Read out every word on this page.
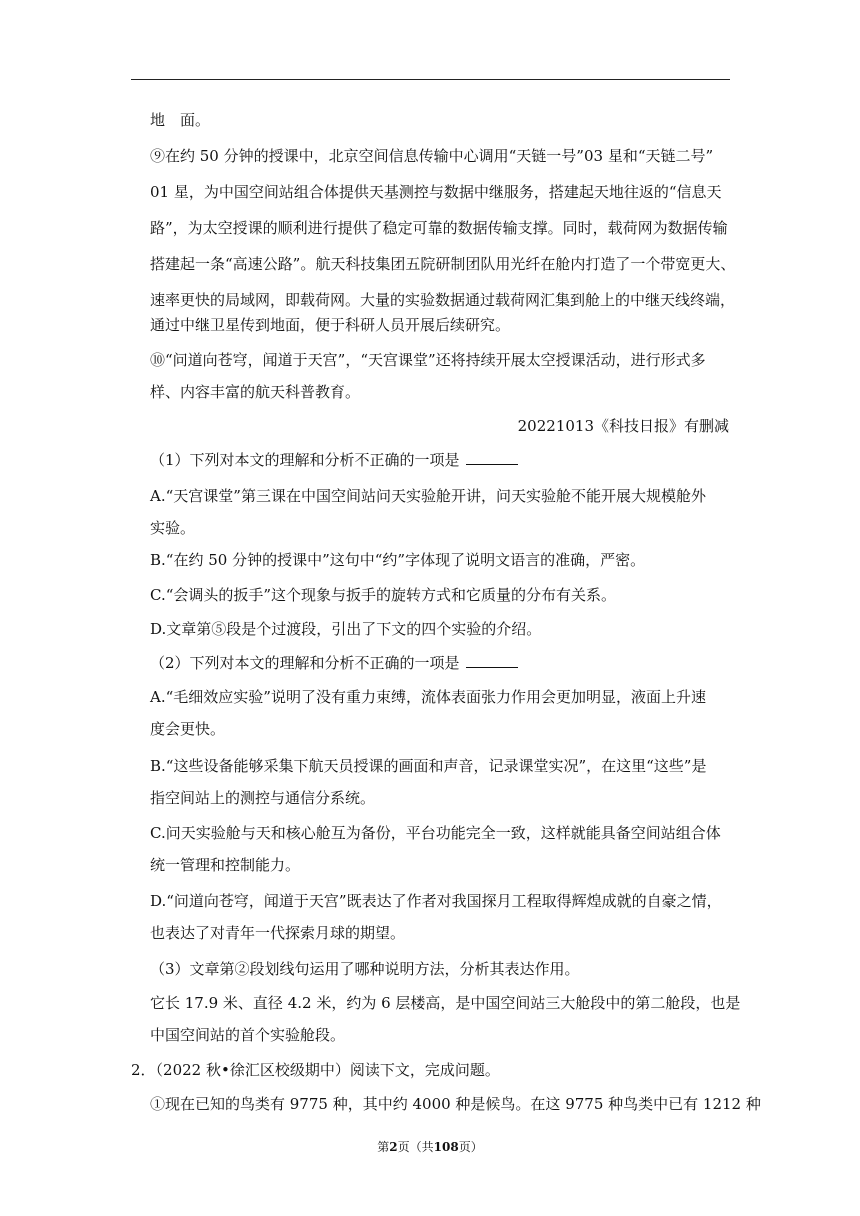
地　面。
⑨在约 50 分钟的授课中，北京空间信息传输中心调用“天链一号”03 星和“天链二号”
01 星，为中国空间站组合体提供天基测控与数据中继服务，搭建起天地往返的“信息天
路”，为太空授课的顺利进行提供了稳定可靠的数据传输支撑。同时，载荷网为数据传输
搭建起一条“高速公路”。航天科技集团五院研制团队用光纤在舱内打造了一个带宽更大、
速率更快的局域网，即载荷网。大量的实验数据通过载荷网汇集到舱上的中继天线终端，
通过中继卫星传到地面，便于科研人员开展后续研究。
⑩“问道向苍穹，闻道于天宫”，“天宫课堂”还将持续开展太空授课活动，进行形式多
样、内容丰富的航天科普教育。
20221013《科技日报》有删减
（1）下列对本文的理解和分析不正确的一项是
A.“天宫课堂”第三课在中国空间站问天实验舱开讲，问天实验舱不能开展大规模舱外
实验。
B.“在约 50 分钟的授课中”这句中“约”字体现了说明文语言的准确，严密。
C.“会调头的扳手”这个现象与扳手的旋转方式和它质量的分布有关系。
D.文章第⑤段是个过渡段，引出了下文的四个实验的介绍。
（2）下列对本文的理解和分析不正确的一项是
A.“毛细效应实验”说明了没有重力束缚，流体表面张力作用会更加明显，液面上升速
度会更快。
B.“这些设备能够采集下航天员授课的画面和声音，记录课堂实况”，在这里“这些”是
指空间站上的测控与通信分系统。
C.问天实验舱与天和核心舱互为备份，平台功能完全一致，这样就能具备空间站组合体
统一管理和控制能力。
D.“问道向苍穹，闻道于天宫”既表达了作者对我国探月工程取得辉煌成就的自豪之情，
也表达了对青年一代探索月球的期望。
（3）文章第②段划线句运用了哪种说明方法，分析其表达作用。
它长 17.9 米、直径 4.2 米，约为 6 层楼高，是中国空间站三大舱段中的第二舱段，也是
中国空间站的首个实验舱段。
2．（2022 秋•徐汇区校级期中）阅读下文，完成问题。
①现在已知的鸟类有 9775 种，其中约 4000 种是候鸟。在这 9775 种鸟类中已有 1212 种
第2页（共108页）
